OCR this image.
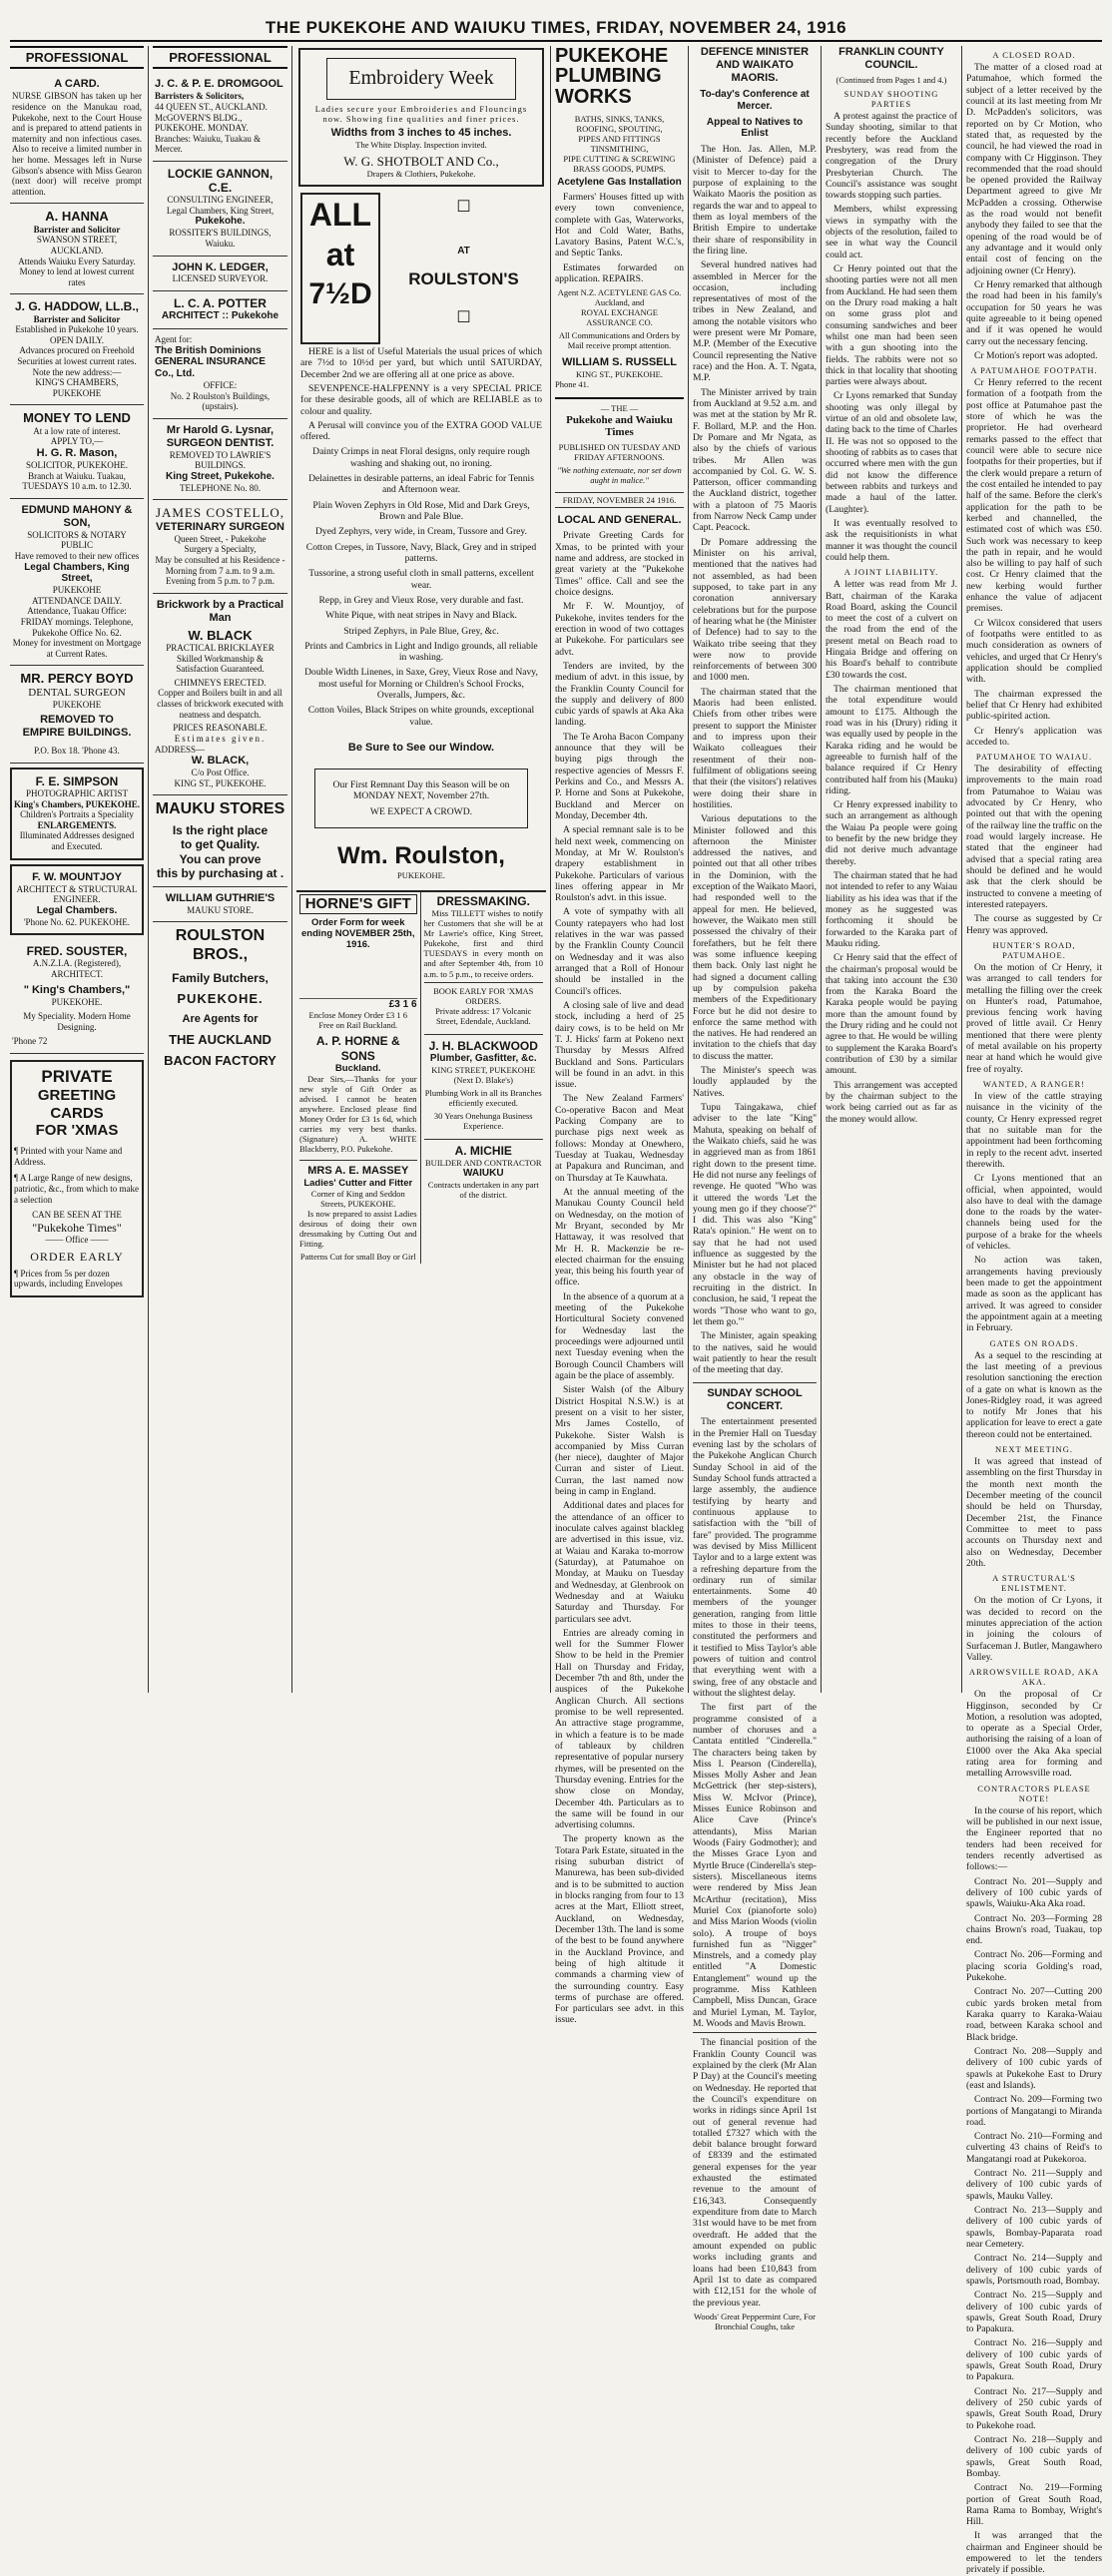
THE PUKEKOHE AND WAIUKU TIMES, FRIDAY, NOVEMBER 24, 1916
PROFESSIONAL
A CARD.
NURSE GIBSON has taken up her residence on the Manukau road, Pukekohe, next to the Court House and is prepared to attend patients in maternity and non infectious cases. Also to receive a limited number in her home. Messages left in Nurse Gibson's absence with Miss Gearon (next door) will receive prompt attention.
A. HANNA
Barrister and Solicitor
SWANSON STREET, AUCKLAND.
Attends Waiuku Every Saturday. Money to lend at lowest current rates
J. G. HADDOW, LL.B.,
Barrister and Solicitor
Established in Pukekohe 10 years.
OPEN DAILY.
Advances procured on Freehold Securities at lowest current rates.
Note the new address:—
KING'S CHAMBERS, PUKEKOHE
MONEY TO LEND
At a low rate of interest.
APPLY TO,—
H. G. R. Mason,
SOLICITOR, PUKEKOHE.
Branch at Waiuku. Tuakau, TUESDAYS 10 a.m. to 12.30.
EDMUND MAHONY & SON,
SOLICITORS & NOTARY PUBLIC
Have removed to their new offices
Legal Chambers, King Street,
PUKEKOHE
ATTENDANCE DAILY.
Attendance, Tuakau Office: FRIDAY mornings. Telephone, Pukekohe Office No. 62.
Money for investment on Mortgage at Current Rates.
MR. PERCY BOYD
DENTAL SURGEON
PUKEKOHE
REMOVED TO
EMPIRE BUILDINGS.
P.O. Box 18. 'Phone 43.
F. E. SIMPSON
PHOTOGRAPHIC ARTIST
King's Chambers, PUKEKOHE.
Children's Portraits a Speciality
ENLARGEMENTS.
Illuminated Addresses designed and Executed.
F. W. MOUNTJOY
ARCHITECT & STRUCTURAL ENGINEER.
Legal Chambers.
'Phone No. 62. PUKEKOHE.
FRED. SOUSTER,
A.N.Z.I.A. (Registered), ARCHITECT.
" King's Chambers,"
PUKEKOHE.
My Speciality. Modern Home Designing.
'Phone 72
PRIVATE
GREETING CARDS
FOR 'XMAS
¶ Printed with your Name and Address.
¶ A Large Range of new designs, patriotic, &c., from which to make a selection
CAN BE SEEN AT THE
"Pukekohe Times"
—— Office ——
ORDER EARLY
¶ Prices from 5s per dozen upwards, including Envelopes
PROFESSIONAL
J. C. & P. E. DROMGOOL
Barristers & Solicitors,
44 QUEEN ST., AUCKLAND.
McGOVERN'S BLDG., PUKEKOHE. MONDAY.
Branches: Waiuku, Tuakau & Mercer.
LOCKIE GANNON, C.E.
CONSULTING ENGINEER,
Legal Chambers, King Street,
Pukekohe.
ROSSITER'S BUILDINGS, Waiuku.
JOHN K. LEDGER,
LICENSED SURVEYOR.
L. C. A. POTTER
ARCHITECT :: Pukekohe
Agent for:
The British Dominions GENERAL INSURANCE Co., Ltd.
OFFICE:
No. 2 Roulston's Buildings, (upstairs).
Mr Harold G. Lysnar,
SURGEON DENTIST.
REMOVED TO LAWRIE'S BUILDINGS.
King Street, Pukekohe.
TELEPHONE No. 80.
JAMES COSTELLO,
VETERINARY SURGEON
Queen Street, - Pukekohe
Surgery a Specialty,
May be consulted at his Residence - Morning from 7 a.m. to 9 a.m. Evening from 5 p.m. to 7 p.m.
Brickwork by a Practical Man
W. BLACK
PRACTICAL BRICKLAYER
Skilled Workmanship & Satisfaction Guaranteed.
CHIMNEYS ERECTED.
Copper and Boilers built in and all classes of brickwork executed with neatness and despatch.
PRICES REASONABLE.
Estimates given.
ADDRESS—
W. BLACK,
C/o Post Office.
KING ST., PUKEKOHE.
MAUKU STORES
Is the right place
to get Quality.
You can prove
this by purchasing at .
WILLIAM GUTHRIE'S
MAUKU STORE.
ROULSTON BROS.,
Family Butchers,
PUKEKOHE.
Are Agents for
THE AUCKLAND
BACON FACTORY
Embroidery Week
Ladies secure your Embroideries and Flouncings now. Showing fine qualities and finer prices.
Widths from 3 inches to 45 inches.
The White Display. Inspection invited.
W. G. SHOTBOLT AND Co.,
Drapers & Clothiers, Pukekohe.
ALL
at
7½D
☐
AT
ROULSTON'S
☐

HERE is a list of Useful Materials the usual prices of which are 7½d to 10½d per yard, but which until SATURDAY, December 2nd we are offering all at one price as above.

SEVENPENCE-HALFPENNY is a very SPECIAL PRICE for these desirable goods, all of which are RELIABLE as to colour and quality.

A Perusal will convince you of the EXTRA GOOD VALUE offered.

Dainty Crimps in neat Floral designs, only require rough washing and shaking out, no ironing.
Delainettes in desirable patterns, an ideal Fabric for Tennis and Afternoon wear.
Plain Woven Zephyrs in Old Rose, Mid and Dark Greys, Brown and Pale Blue.
Dyed Zephyrs, very wide, in Cream, Tussore and Grey.
Cotton Crepes, in Tussore, Navy, Black, Grey and in striped patterns.
Tussorine, a strong useful cloth in small patterns, excellent wear.
Repp, in Grey and Vieux Rose, very durable and fast.
White Pique, with neat stripes in Navy and Black.
Striped Zephyrs, in Pale Blue, Grey, &c.
Prints and Cambrics in Light and Indigo grounds, all reliable in washing.
Double Width Linenes, in Saxe, Grey, Vieux Rose and Navy, most useful for Morning or Children's School Frocks, Overalls, Jumpers, &c.
Cotton Voiles, Black Stripes on white grounds, exceptional value.
Be Sure to See our Window.
Our First Remnant Day this Season will be on MONDAY NEXT, November 27th.
WE EXPECT A CROWD.
Wm. Roulston,
PUKEKOHE.
HORNE'S GIFT
Order Form for week ending NOVEMBER 25th, 1916.
£3 1 6
Enclose Money Order £3 1 6
Free on Rail Buckland.
A. P. HORNE & SONS
Buckland.

Dear Sirs,—Thanks for your new style of Gift Order as advised. I cannot be beaten anywhere. Enclosed please find Money Order for £3 1s 6d, which carries my very best thanks. (Signature) A. WHITE Blackberry, P.O. Pukekohe.

MRS A. E. MASSEY
Ladies' Cutter and Fitter
Corner of King and Seddon Streets, PUKEKOHE.

Is now prepared to assist Ladies desirous of doing their own dressmaking by Cutting Out and Fitting.

Patterns Cut for small Boy or Girl
DRESSMAKING.

Miss TILLETT wishes to notify her Customers that she will be at Mr Lawrie's office, King Street, Pukekohe, first and third TUESDAYS in every month on and after September 4th, from 10 a.m. to 5 p.m., to receive orders.

BOOK EARLY FOR 'XMAS ORDERS.
Private address: 17 Volcanic Street, Edendale, Auckland.
J. H. BLACKWOOD
Plumber, Gasfitter, &c.
KING STREET, PUKEKOHE (Next D. Blake's)
Plumbing Work in all its Branches efficiently executed.
30 Years Onehunga Business Experience.
A. MICHIE
BUILDER AND CONTRACTOR
WAIUKU
Contracts undertaken in any part of the district.
PUKEKOHE
PLUMBING
WORKS
BATHS, SINKS, TANKS,
ROOFING, SPOUTING,
PIPES AND FITTINGS
TINSMITHING,
PIPE CUTTING & SCREWING
BRASS GOODS, PUMPS.
Acetylene Gas Installation

Farmers' Houses fitted up with every town convenience, complete with Gas, Waterworks, Hot and Cold Water, Baths, Lavatory Basins, Patent W.C.'s, and Septic Tanks.

Estimates forwarded on application. REPAIRS.

Agent N.Z. ACETYLENE GAS Co. Auckland, and
ROYAL EXCHANGE ASSURANCE CO.
All Communications and Orders by Mail receive prompt attention.
WILLIAM S. RUSSELL
KING ST., PUKEKOHE.
Phone 41.
— THE —
Pukekohe and Waiuku Times
PUBLISHED ON TUESDAY AND FRIDAY AFTERNOONS.
"We nothing extenuate, nor set down aught in malice."
FRIDAY, NOVEMBER 24 1916.
LOCAL AND GENERAL.

Private Greeting Cards for Xmas, to be printed with your name and address, are stocked in great variety at the "Pukekohe Times" office. Call and see the choice designs.

Mr F. W. Mountjoy, of Pukekohe, invites tenders for the erection in wood of two cottages at Pukekohe. For particulars see advt.

Tenders are invited, by the medium of advt. in this issue, by the Franklin County Council for the supply and delivery of 800 cubic yards of spawls at Aka Aka landing.

The Te Aroha Bacon Company announce that they will be buying pigs through the respective agencies of Messrs F. Perkins and Co., and Messrs A. P. Horne and Sons at Pukekohe, Buckland and Mercer on Monday, December 4th.

A special remnant sale is to be held next week, commencing on Monday, at Mr W. Roulston's drapery establishment in Pukekohe. Particulars of various lines offering appear in Mr Roulston's advt. in this issue.

A vote of sympathy with all County ratepayers who had lost relatives in the war was passed by the Franklin County Council on Wednesday and it was also arranged that a Roll of Honour should be installed in the Council's offices.

A closing sale of live and dead stock, including a herd of 25 dairy cows, is to be held on Mr T. J. Hicks' farm at Pokeno next Thursday by Messrs Alfred Buckland and Sons. Particulars will be found in an advt. in this issue.

The New Zealand Farmers' Co-operative Bacon and Meat Packing Company are to purchase pigs next week as follows: Monday at Onewhero, Tuesday at Tuakau, Wednesday at Papakura and Runciman, and on Thursday at Te Kauwhata.

At the annual meeting of the Manukau County Council held on Wednesday, on the motion of Mr Bryant, seconded by Mr Hattaway, it was resolved that Mr H. R. Mackenzie be re-elected chairman for the ensuing year, this being his fourth year of office.

In the absence of a quorum at a meeting of the Pukekohe Horticultural Society convened for Wednesday last the proceedings were adjourned until next Tuesday evening when the Borough Council Chambers will again be the place of assembly.

Sister Walsh (of the Albury District Hospital N.S.W.) is at present on a visit to her sister, Mrs James Costello, of Pukekohe. Sister Walsh is accompanied by Miss Curran (her niece), daughter of Major Curran and sister of Lieut. Curran, the last named now being in camp in England.

Additional dates and places for the attendance of an officer to inoculate calves against blackleg are advertised in this issue, viz. at Waiau and Karaka to-morrow (Saturday), at Patumahoe on Monday, at Mauku on Tuesday and Wednesday, at Glenbrook on Wednesday and at Waiuku Saturday and Thursday. For particulars see advt.

Entries are already coming in well for the Summer Flower Show to be held in the Premier Hall on Thursday and Friday, December 7th and 8th, under the auspices of the Pukekohe Anglican Church. All sections promise to be well represented. An attractive stage programme, in which a feature is to be made of tableaux by children representative of popular nursery rhymes, will be presented on the Thursday evening. Entries for the show close on Monday, December 4th. Particulars as to the same will be found in our advertising columns.

The property known as the Totara Park Estate, situated in the rising suburban district of Manurewa, has been sub-divided and is to be submitted to auction in blocks ranging from four to 13 acres at the Mart, Elliott street, Auckland, on Wednesday, December 13th. The land is some of the best to be found anywhere in the Auckland Province, and being of high altitude it commands a charming view of the surrounding country. Easy terms of purchase are offered. For particulars see advt. in this issue.

DEFENCE MINISTER AND WAIKATO MAORIS.
To-day's Conference at Mercer.
Appeal to Natives to Enlist

The Hon. Jas. Allen, M.P. (Minister of Defence) paid a visit to Mercer to-day for the purpose of explaining to the Waikato Maoris the position as regards the war and to appeal to them as loyal members of the British Empire to undertake their share of responsibility in the firing line.

Several hundred natives had assembled in Mercer for the occasion, including representatives of most of the tribes in New Zealand, and among the notable visitors who were present were Mr Pomare, M.P. (Member of the Executive Council representing the Native race) and the Hon. A. T. Ngata, M.P.

The Minister arrived by train from Auckland at 9.52 a.m. and was met at the station by Mr R. F. Bollard, M.P. and the Hon. Dr Pomare and Mr Ngata, as also by the chiefs of various tribes. Mr Allen was accompanied by Col. G. W. S. Patterson, officer commanding the Auckland district, together with a platoon of 75 Maoris from Narrow Neck Camp under Capt. Peacock.

Dr Pomare addressing the Minister on his arrival, mentioned that the natives had not assembled, as had been supposed, to take part in any coronation anniversary celebrations but for the purpose of hearing what he (the Minister of Defence) had to say to the Waikato tribe seeing that they were now to provide reinforcements of between 300 and 1000 men.

The chairman stated that the Maoris had been enlisted. Chiefs from other tribes were present to support the Minister and to impress upon their Waikato colleagues their resentment of their non-fulfilment of obligations seeing that their (the visitors') relatives were doing their share in hostilities.

Various deputations to the Minister followed and this afternoon the Minister addressed the natives, and pointed out that all other tribes in the Dominion, with the exception of the Waikato Maori, had responded well to the appeal for men. He believed, however, the Waikato men still possessed the chivalry of their forefathers, but he felt there was some influence keeping them back. Only last night he had signed a document calling up by compulsion pakeha members of the Expeditionary Force but he did not desire to enforce the same method with the natives. He had rendered an invitation to the chiefs that day to discuss the matter.

The Minister's speech was loudly applauded by the Natives.

Tupu Taingakawa, chief adviser to the late "King" Mahuta, speaking on behalf of the Waikato chiefs, said he was in aggrieved man as from 1861 right down to the present time. He did not nurse any feelings of revenge. He quoted "Who was it uttered the words 'Let the young men go if they choose'?" I did. This was also "King" Rata's opinion." He went on to say that he had not used influence as suggested by the Minister but he had not placed any obstacle in the way of recruiting in the district. In conclusion, he said, 'I repeat the words "Those who want to go, let them go."'

The Minister, again speaking to the natives, said he would wait patiently to hear the result of the meeting that day.

SUNDAY SCHOOL CONCERT.

The entertainment presented in the Premier Hall on Tuesday evening last by the scholars of the Pukekohe Anglican Church Sunday School in aid of the Sunday School funds attracted a large assembly, the audience testifying by hearty and continuous applause to satisfaction with the "bill of fare" provided. The programme was devised by Miss Millicent Taylor and to a large extent was a refreshing departure from the ordinary run of similar entertainments. Some 40 members of the younger generation, ranging from little mites to those in their teens, constituted the performers and it testified to Miss Taylor's able powers of tuition and control that everything went with a swing, free of any obstacle and without the slightest delay.

The first part of the programme consisted of a number of choruses and a Cantata entitled "Cinderella." The characters being taken by Miss I. Pearson (Cinderella), Misses Molly Asher and Jean McGettrick (her step-sisters), Miss W. McIvor (Prince), Misses Eunice Robinson and Alice Cave (Prince's attendants), Miss Marian Woods (Fairy Godmother); and the Misses Grace Lyon and Myrtle Bruce (Cinderella's step-sisters). Miscellaneous items were rendered by Miss Jean McArthur (recitation), Miss Muriel Cox (pianoforte solo) and Miss Marion Woods (violin solo). A troupe of boys furnished fun as "Nigger" Minstrels, and a comedy play entitled "A Domestic Entanglement" wound up the programme. Miss Kathleen Campbell, Miss Duncan, Grace and Muriel Lyman, M. Taylor, M. Woods and Mavis Brown.

The financial position of the Franklin County Council was explained by the clerk (Mr Alan P Day) at the Council's meeting on Wednesday. He reported that the Council's expenditure on works in ridings since April 1st out of general revenue had totalled £7327 which with the debit balance brought forward of £8339 and the estimated general expenses for the year exhausted the estimated revenue to the amount of £16,343. Consequently expenditure from date to March 31st would have to be met from overdraft. He added that the amount expended on public works including grants and loans had been £10,843 from April 1st to date as compared with £12,151 for the whole of the previous year.

Woods' Great Peppermint Cure, For Bronchial Coughs, take
FRANKLIN COUNTY COUNCIL.
(Continued from Pages 1 and 4.)
SUNDAY SHOOTING PARTIES

A protest against the practice of Sunday shooting, similar to that recently before the Auckland Presbytery, was read from the congregation of the Drury Presbyterian Church. The Council's assistance was sought towards stopping such parties.

Members, whilst expressing views in sympathy with the objects of the resolution, failed to see in what way the Council could act.

Cr Henry pointed out that the shooting parties were not all men from Auckland. He had seen them on the Drury road making a halt on some grass plot and consuming sandwiches and beer whilst one man had been seen with a gun shooting into the fields. The rabbits were not so thick in that locality that shooting parties were always about.

Cr Lyons remarked that Sunday shooting was only illegal by virtue of an old and obsolete law, dating back to the time of Charles II. He was not so opposed to the shooting of rabbits as to cases that occurred where men with the gun did not know the difference between rabbits and turkeys and made a haul of the latter. (Laughter).

It was eventually resolved to ask the requisitionists in what manner it was thought the council could help them.

A JOINT LIABILITY.

A letter was read from Mr J. Batt, chairman of the Karaka Road Board, asking the Council to meet the cost of a culvert on the road from the end of the present metal on Beach road to Hingaia Bridge and offering on his Board's behalf to contribute £30 towards the cost.

The chairman mentioned that the total expenditure would amount to £175. Although the road was in his (Drury) riding it was equally used by people in the Karaka riding and he would be agreeable to furnish half of the balance required if Cr Henry contributed half from his (Mauku) riding.

Cr Henry expressed inability to such an arrangement as although the Waiau Pa people were going to benefit by the new bridge they did not derive much advantage thereby.

The chairman stated that he had not intended to refer to any Waiau liability as his idea was that if the money as he suggested was forthcoming it should be forwarded to the Karaka part of Mauku riding.

Cr Henry said that the effect of the chairman's proposal would be that taking into account the £30 from the Karaka Board the Karaka people would be paying more than the amount found by the Drury riding and he could not agree to that. He would be willing to supplement the Karaka Board's contribution of £30 by a similar amount.

This arrangement was accepted by the chairman subject to the work being carried out as far as the money would allow.

A CLOSED ROAD.

The matter of a closed road at Patumahoe, which formed the subject of a letter received by the council at its last meeting from Mr D. McPadden's solicitors, was reported on by Cr Motion, who stated that, as requested by the council, he had viewed the road in company with Cr Higginson. They recommended that the road should be opened provided the Railway Department agreed to give Mr McPadden a crossing. Otherwise as the road would not benefit anybody they failed to see that the opening of the road would be of any advantage and it would only entail cost of fencing on the adjoining owner (Cr Henry).

Cr Henry remarked that although the road had been in his family's occupation for 50 years he was quite agreeable to it being opened and if it was opened he would carry out the necessary fencing.

Cr Motion's report was adopted.

A PATUMAHOE FOOTPATH.

Cr Henry referred to the recent formation of a footpath from the post office at Patumahoe past the store of which he was the proprietor. He had overheard remarks passed to the effect that council were able to secure nice footpaths for their properties, but if the clerk would prepare a return of the cost entailed he intended to pay half of the same. Before the clerk's application for the path to be kerbed and channelled, the estimated cost of which was £50. Such work was necessary to keep the path in repair, and he would also be willing to pay half of such cost. Cr Henry claimed that the new kerbing would further enhance the value of adjacent premises.

Cr Wilcox considered that users of footpaths were entitled to as much consideration as owners of vehicles, and urged that Cr Henry's application should be complied with.

The chairman expressed the belief that Cr Henry had exhibited public-spirited action.

Cr Henry's application was acceded to.

PATUMAHOE TO WAIAU.

The desirability of effecting improvements to the main road from Patumahoe to Waiau was advocated by Cr Henry, who pointed out that with the opening of the railway line the traffic on the road would largely increase. He stated that the engineer had advised that a special rating area should be defined and he would ask that the clerk should be instructed to convene a meeting of interested ratepayers.

The course as suggested by Cr Henry was approved.

HUNTER'S ROAD, PATUMAHOE.

On the motion of Cr Henry, it was arranged to call tenders for metalling the filling over the creek on Hunter's road, Patumahoe, previous fencing work having proved of little avail. Cr Henry mentioned that there were plenty of metal available on his property near at hand which he would give free of royalty.

WANTED, A RANGER!

In view of the cattle straying nuisance in the vicinity of the county, Cr Henry expressed regret that no suitable man for the appointment had been forthcoming in reply to the recent advt. inserted therewith.

Cr Lyons mentioned that an official, when appointed, would also have to deal with the damage done to the roads by the water-channels being used for the purpose of a brake for the wheels of vehicles.

No action was taken, arrangements having previously been made to get the appointment made as soon as the applicant has arrived. It was agreed to consider the appointment again at a meeting in February.

GATES ON ROADS.

As a sequel to the rescinding at the last meeting of a previous resolution sanctioning the erection of a gate on what is known as the Jones-Ridgley road, it was agreed to notify Mr Jones that his application for leave to erect a gate thereon could not be entertained.

NEXT MEETING.

It was agreed that instead of assembling on the first Thursday in the month next month the December meeting of the council should be held on Thursday, December 21st, the Finance Committee to meet to pass accounts on Thursday next and also on Wednesday, December 20th.

A STRUCTURAL'S ENLISTMENT.

On the motion of Cr Lyons, it was decided to record on the minutes appreciation of the action in joining the colours of Surfaceman J. Butler, Mangawhero Valley.

ARROWSVILLE ROAD, AKA AKA.

On the proposal of Cr Higginson, seconded by Cr Motion, a resolution was adopted, to operate as a Special Order, authorising the raising of a loan of £1000 over the Aka Aka special rating area for forming and metalling Arrowsville road.

CONTRACTORS PLEASE NOTE!

In the course of his report, which will be published in our next issue, the Engineer reported that no tenders had been received for tenders recently advertised as follows:—

Contract No. 201—Supply and delivery of 100 cubic yards of spawls, Waiuku-Aka Aka road.

Contract No. 203—Forming 28 chains Brown's road, Tuakau, top end.

Contract No. 206—Forming and placing scoria Golding's road, Pukekohe.

Contract No. 207—Cutting 200 cubic yards broken metal from Karaka quarry to Karaka-Waiau road, between Karaka school and Black bridge.

Contract No. 208—Supply and delivery of 100 cubic yards of spawls at Pukekohe East to Drury (east and Islands).

Contract No. 209—Forming two portions of Mangatangi to Miranda road.

Contract No. 210—Forming and culverting 43 chains of Reid's to Mangatangi road at Pukekoroa.

Contract No. 211—Supply and delivery of 100 cubic yards of spawls, Mauku Valley.

Contract No. 213—Supply and delivery of 100 cubic yards of spawls, Bombay-Paparata road near Cemetery.

Contract No. 214—Supply and delivery of 100 cubic yards of spawls, Portsmouth road, Bombay.

Contract No. 215—Supply and delivery of 100 cubic yards of spawls, Great South Road, Drury to Papakura.

Contract No. 216—Supply and delivery of 100 cubic yards of spawls, Great South Road, Drury to Papakura.

Contract No. 217—Supply and delivery of 250 cubic yards of spawls, Great South Road, Drury to Pukekohe road.

Contract No. 218—Supply and delivery of 100 cubic yards of spawls, Great South Road, Bombay.

Contract No. 219—Forming portion of Great South Road, Rama Rama to Bombay, Wright's Hill.

It was arranged that the chairman and Engineer should be empowered to let the tenders privately if possible.
